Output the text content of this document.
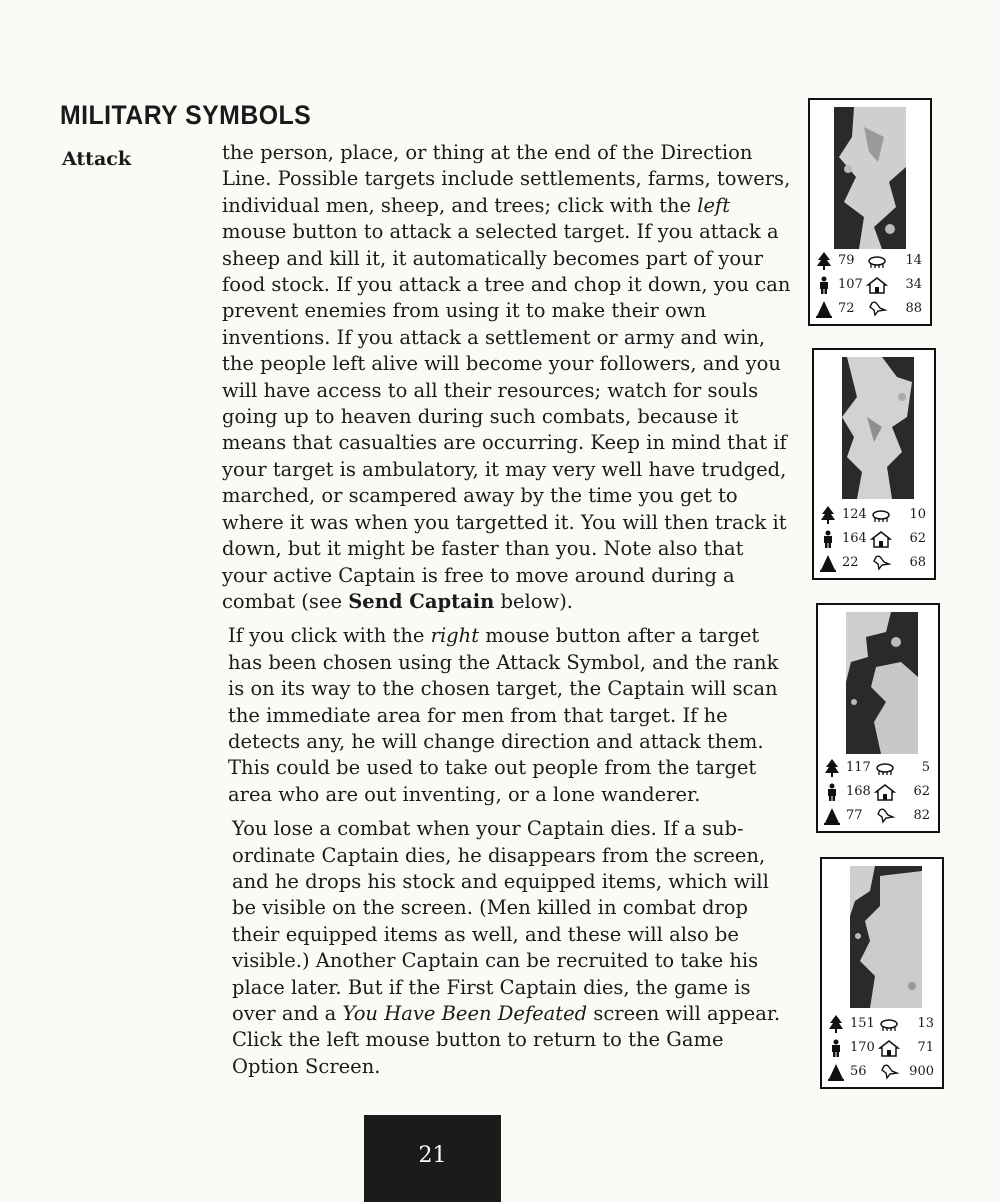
MILITARY SYMBOLS
Attack	the person, place, or thing at the end of the Direction Line. Possible targets include settlements, farms, towers, individual men, sheep, and trees; click with the left mouse button to attack a selected target. If you attack a sheep and kill it, it automatically becomes part of your food stock. If you attack a tree and chop it down, you can prevent enemies from using it to make their own inventions. If you attack a settlement or army and win, the people left alive will become your followers, and you will have access to all their resources; watch for souls going up to heaven during such combats, because it means that casualties are occurring. Keep in mind that if your target is ambulatory, it may very well have trudged, marched, or scampered away by the time you get to where it was when you targetted it. You will then track it down, but it might be faster than you. Note also that your active Captain is free to move around during a combat (see Send Captain below).

If you click with the right mouse button after a target has been chosen using the Attack Symbol, and the rank is on its way to the chosen target, the Captain will scan the immediate area for men from that target. If he detects any, he will change direction and attack them. This could be used to take out people from the target area who are out inventing, or a lone wanderer.

You lose a combat when your Captain dies. If a sub-ordinate Captain dies, he disappears from the screen, and he drops his stock and equipped items, which will be visible on the screen. (Men killed in combat drop their equipped items as well, and these will also be visible.) Another Captain can be recruited to take his place later. But if the First Captain dies, the game is over and a You Have Been Defeated screen will appear. Click the left mouse button to return to the Game Option Screen.

79	14
107	34
72	88
124	10
164	62
22	68
117	5
168	62
77	82
151	13
170	71
56	900
21
